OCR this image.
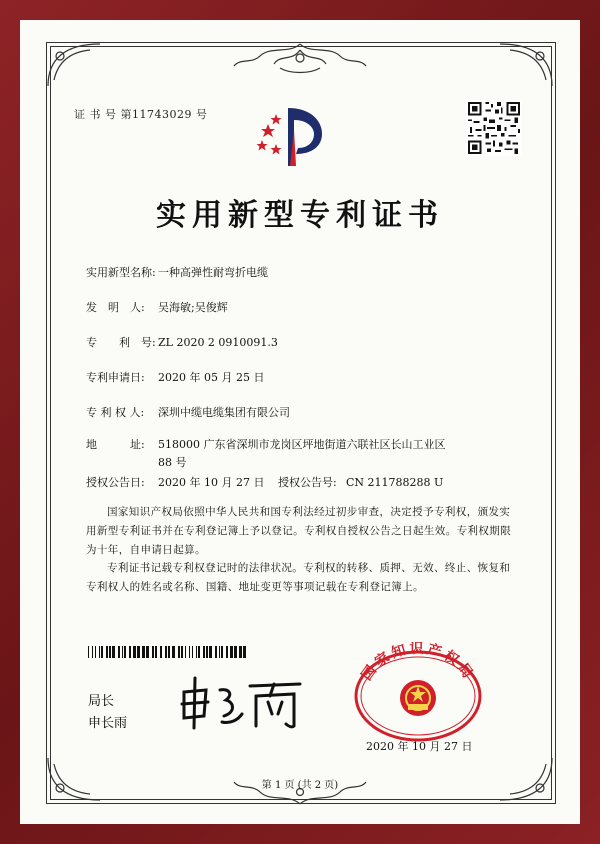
证 书 号 第11743029 号
实用新型专利证书
实用新型名称: 一种高弹性耐弯折电缆
发　明　人: 吴海敏;吴俊辉
专　　利　号: ZL 2020 2 0910091.3
专利申请日: 2020 年 05 月 25 日
专 利 权 人: 深圳中缆电缆集团有限公司
地　　　址: 518000 广东省深圳市龙岗区坪地街道六联社区长山工业区 88 号
授权公告日: 2020 年 10 月 27 日 授权公告号: CN 211788288 U
国家知识产权局依照中华人民共和国专利法经过初步审查，决定授予专利权，颁发实用新型专利证书并在专利登记簿上予以登记。专利权自授权公告之日起生效。专利权期限为十年，自申请日起算。
专利证书记载专利权登记时的法律状况。专利权的转移、质押、无效、终止、恢复和专利权人的姓名或名称、国籍、地址变更等事项记载在专利登记簿上。
局长
申长雨
国家知识产权局
2020 年 10 月 27 日
第 1 页 (共 2 页)
